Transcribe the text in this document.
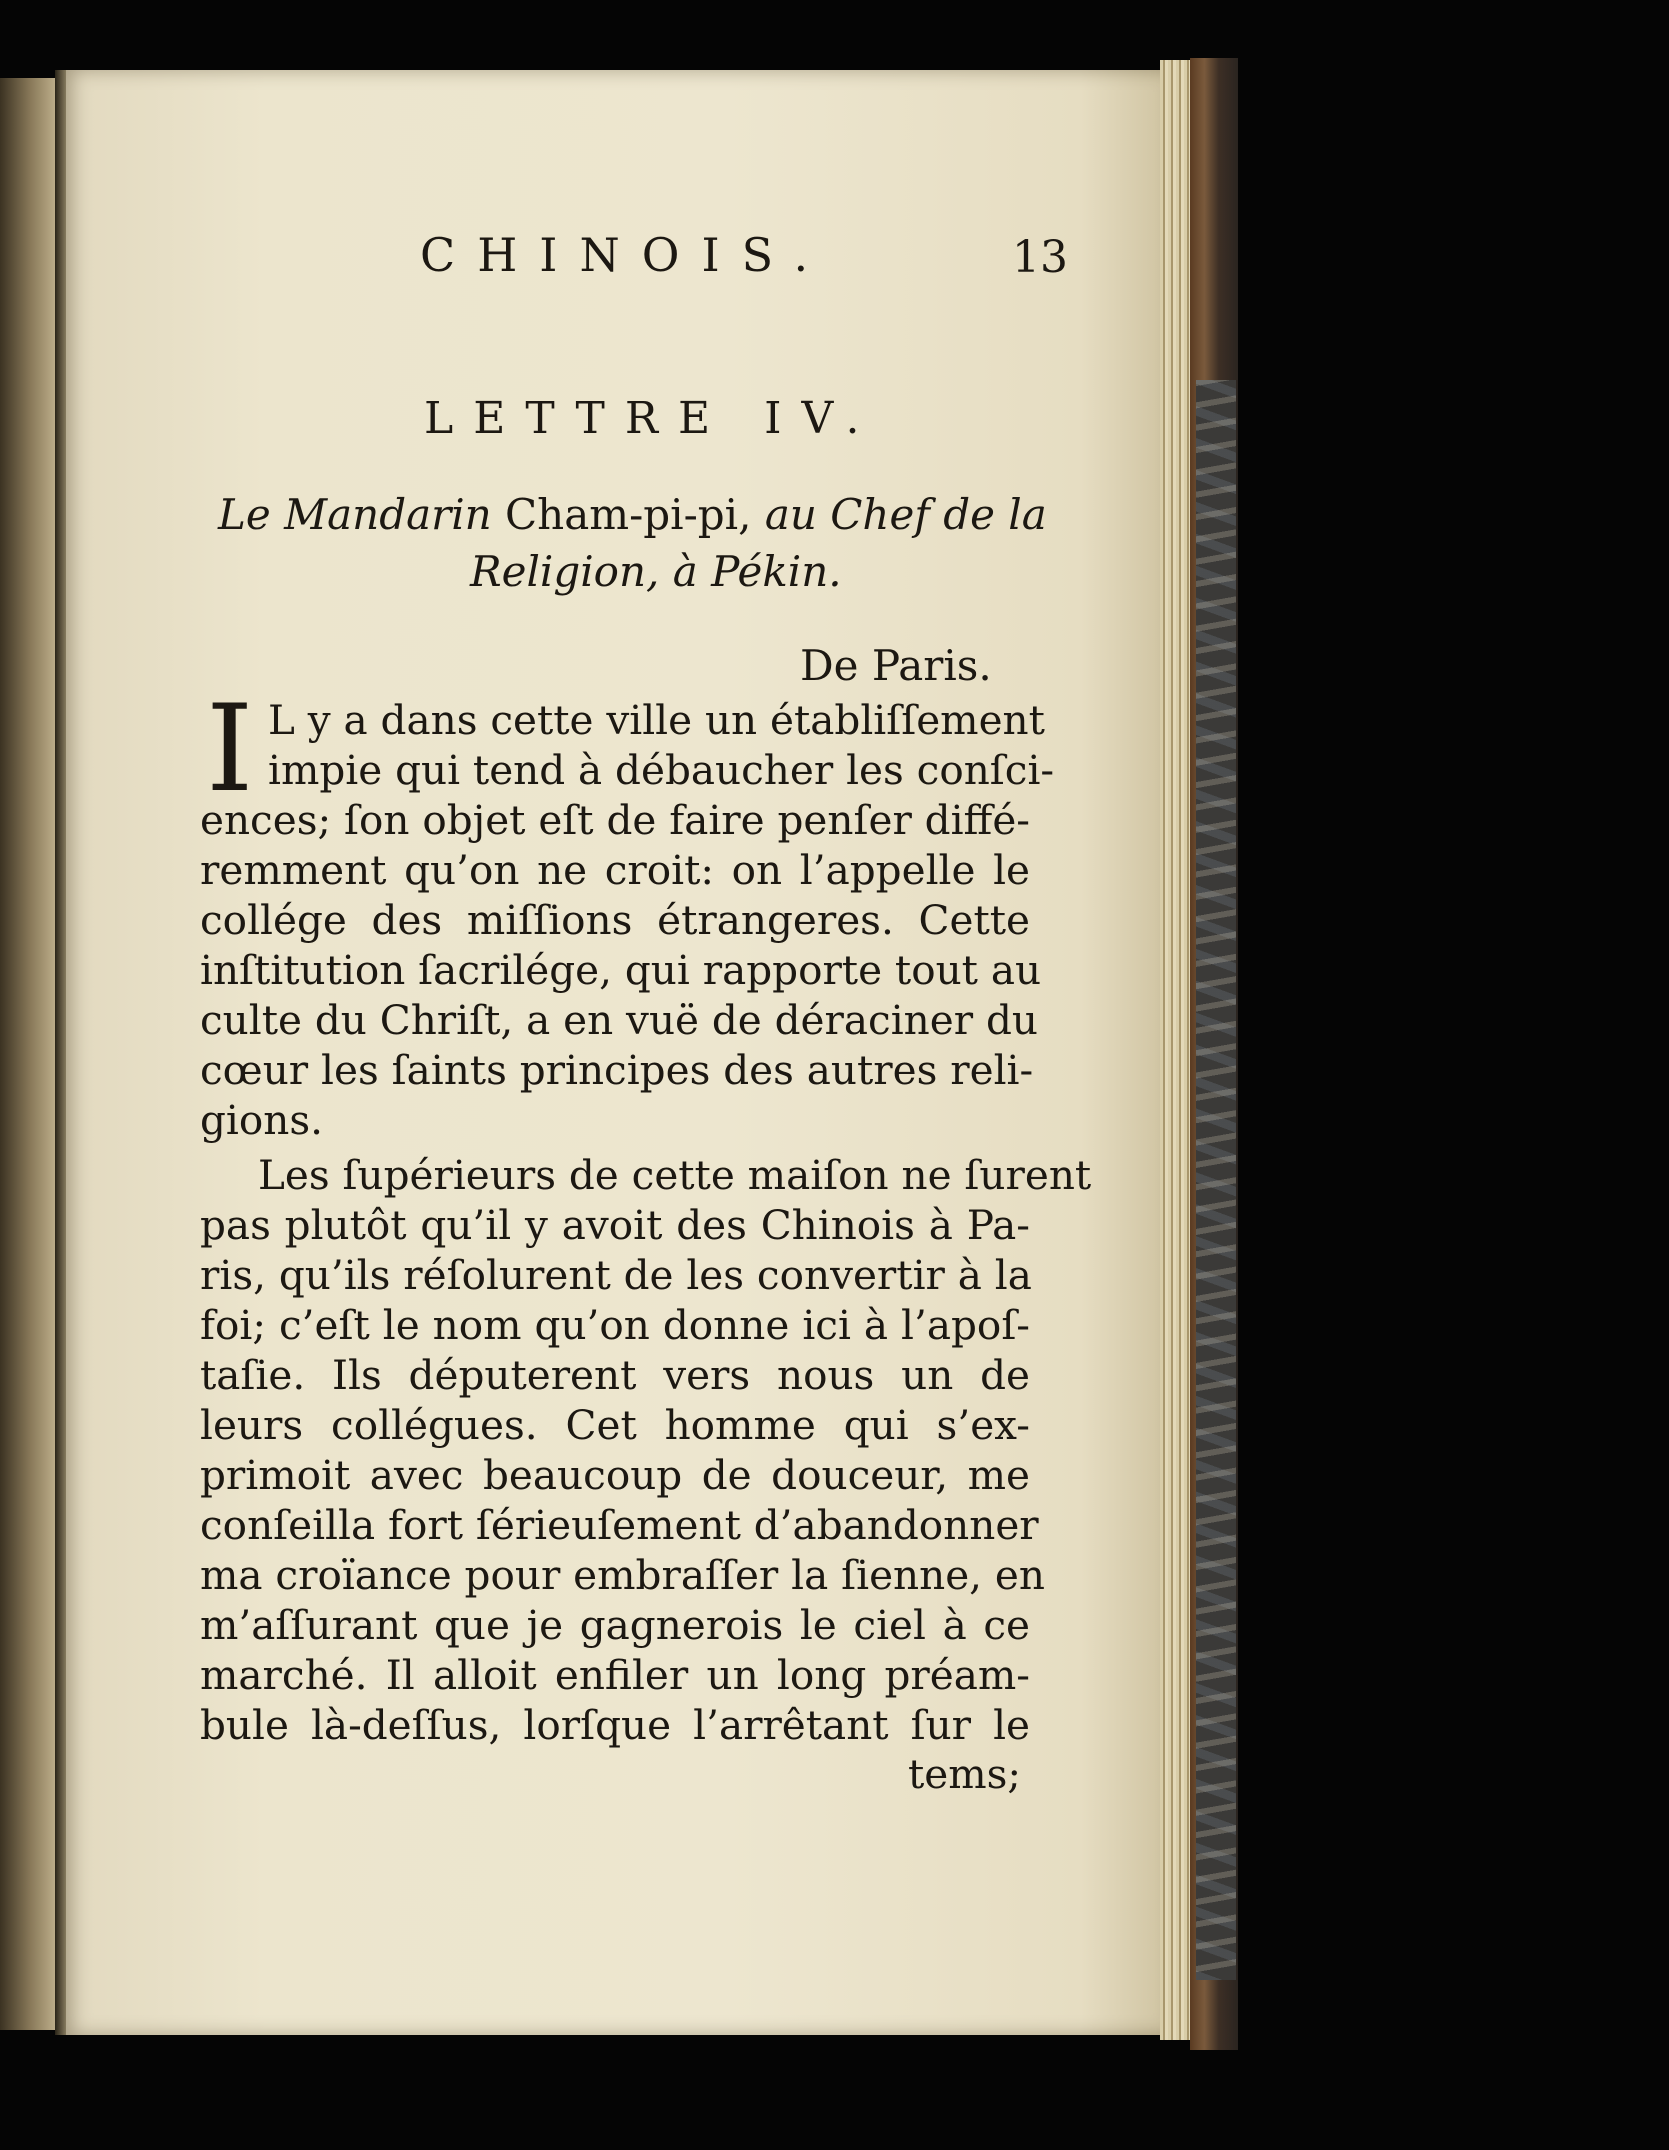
CHINOIS.	13
LETTRE IV.
Le Mandarin Cham-pi-pi, au Chef de la
Religion, à Pékin.
De Paris.
I L y a dans cette ville un établiſſement
impie qui tend à débaucher les conſci-
ences; ſon objet eſt de faire penſer diffé-
remment qu’on ne croit: on l’appelle le
collége des miſſions étrangeres. Cette
inſtitution ſacrilége, qui rapporte tout au
culte du Chriſt, a en vuë de déraciner du
cœur les ſaints principes des autres reli-
gions.
Les ſupérieurs de cette maiſon ne ſurent
pas plutôt qu’il y avoit des Chinois à Pa-
ris, qu’ils réſolurent de les convertir à la
foi; c’eſt le nom qu’on donne ici à l’apoſ-
taſie. Ils députerent vers nous un de
leurs collégues. Cet homme qui s’ex-
primoit avec beaucoup de douceur, me
conſeilla fort ſérieuſement d’abandonner
ma croïance pour embraſſer la ſienne, en
m’aſſurant que je gagnerois le ciel à ce
marché. Il alloit enfiler un long préam-
bule là-deſſus, lorſque l’arrêtant ſur le
tems;
